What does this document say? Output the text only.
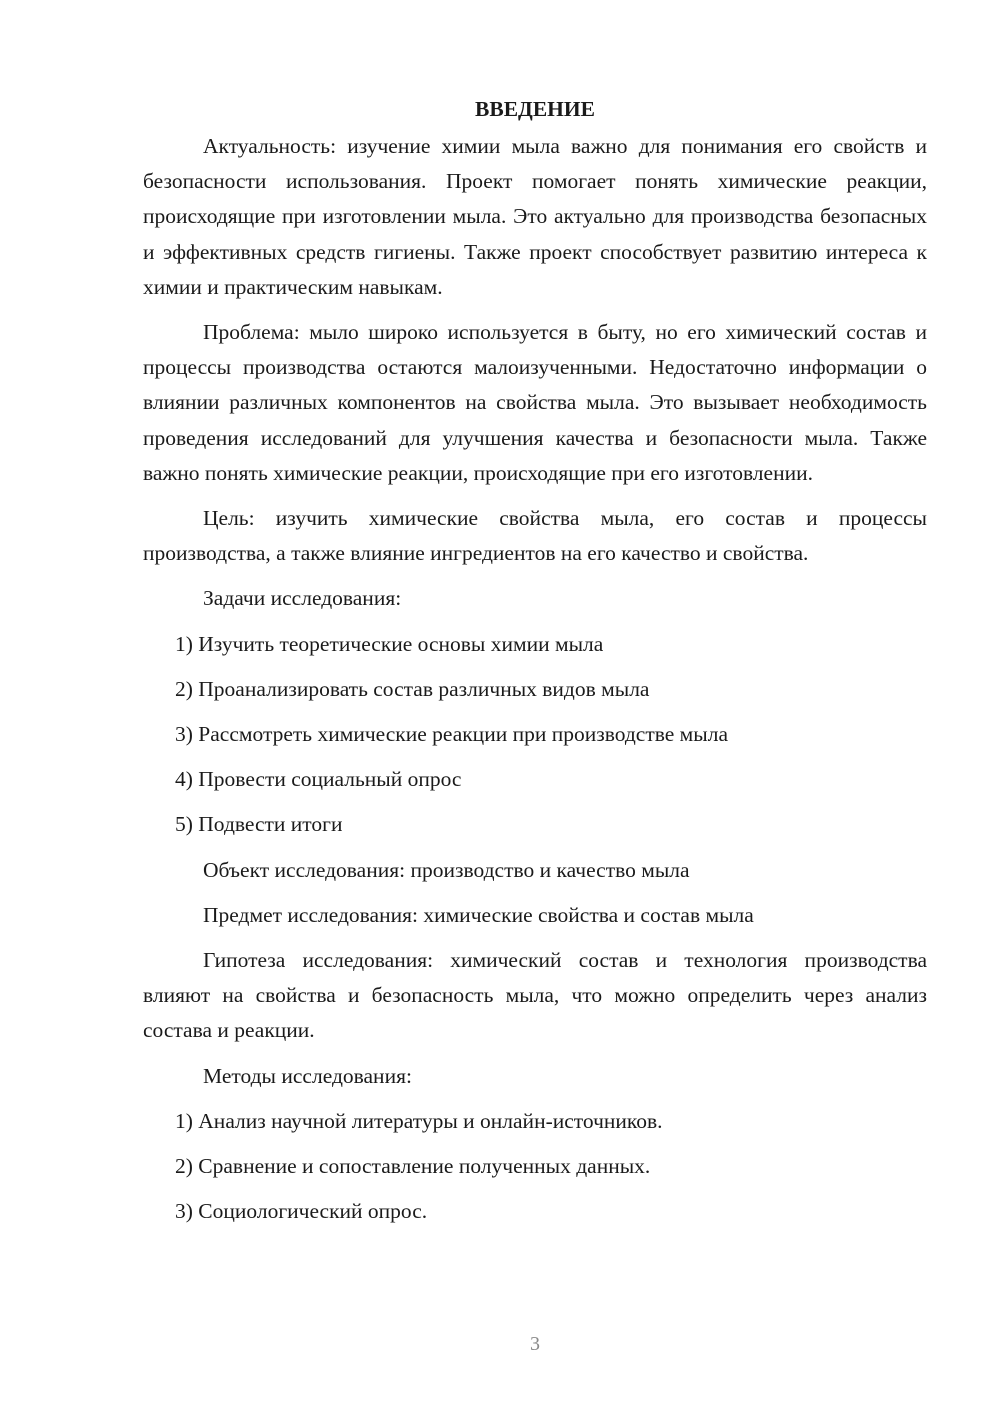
ВВЕДЕНИЕ

Актуальность: изучение химии мыла важно для понимания его свойств и безопасности использования. Проект помогает понять химические реакции, происходящие при изготовлении мыла. Это актуально для производства безопасных и эффективных средств гигиены. Также проект способствует развитию интереса к химии и практическим навыкам.

Проблема: мыло широко используется в быту, но его химический состав и процессы производства остаются малоизученными. Недостаточно информации о влиянии различных компонентов на свойства мыла. Это вызывает необходимость проведения исследований для улучшения качества и безопасности мыла. Также важно понять химические реакции, происходящие при его изготовлении.

Цель: изучить химические свойства мыла, его состав и процессы производства, а также влияние ингредиентов на его качество и свойства.

Задачи исследования:
1) Изучить теоретические основы химии мыла
2) Проанализировать состав различных видов мыла
3) Рассмотреть химические реакции при производстве мыла
4) Провести социальный опрос
5) Подвести итоги
Объект исследования: производство и качество мыла
Предмет исследования: химические свойства и состав мыла

Гипотеза исследования: химический состав и технология производства влияют на свойства и безопасность мыла, что можно определить через анализ состава и реакции.

Методы исследования:
1) Анализ научной литературы и онлайн-источников.
2) Сравнение и сопоставление полученных данных.
3) Социологический опрос.
3
